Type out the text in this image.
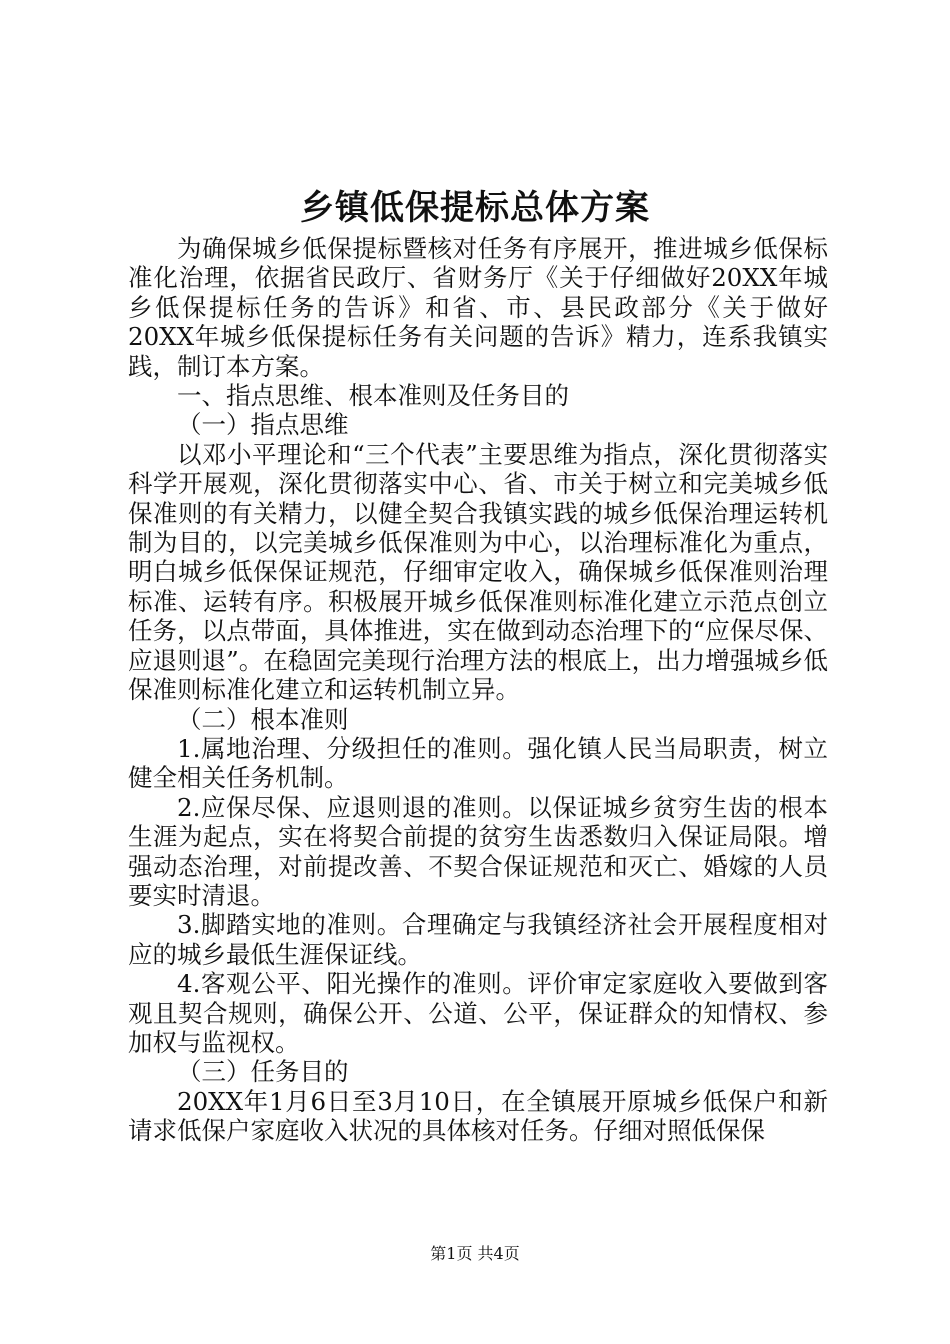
乡镇低保提标总体方案

为确保城乡低保提标暨核对任务有序展开，推进城乡低保标准化治理，依据省民政厅、省财务厅《关于仔细做好20XX年城乡低保提标任务的告诉》和省、市、县民政部分《关于做好20XX年城乡低保提标任务有关问题的告诉》精力，连系我镇实践，制订本方案。

一、指点思维、根本准则及任务目的

（一）指点思维

以邓小平理论和“三个代表”主要思维为指点，深化贯彻落实科学开展观，深化贯彻落实中心、省、市关于树立和完美城乡低保准则的有关精力，以健全契合我镇实践的城乡低保治理运转机制为目的，以完美城乡低保准则为中心，以治理标准化为重点，明白城乡低保保证规范，仔细审定收入，确保城乡低保准则治理标准、运转有序。积极展开城乡低保准则标准化建立示范点创立任务，以点带面，具体推进，实在做到动态治理下的“应保尽保、应退则退”。在稳固完美现行治理方法的根底上，出力增强城乡低保准则标准化建立和运转机制立异。

（二）根本准则

1.属地治理、分级担任的准则。强化镇人民当局职责，树立健全相关任务机制。

2.应保尽保、应退则退的准则。以保证城乡贫穷生齿的根本生涯为起点，实在将契合前提的贫穷生齿悉数归入保证局限。增强动态治理，对前提改善、不契合保证规范和灭亡、婚嫁的人员要实时清退。

3.脚踏实地的准则。合理确定与我镇经济社会开展程度相对应的城乡最低生涯保证线。

4.客观公平、阳光操作的准则。评价审定家庭收入要做到客观且契合规则，确保公开、公道、公平，保证群众的知情权、参加权与监视权。

（三）任务目的

20XX年1月6日至3月10日，在全镇展开原城乡低保户和新请求低保户家庭收入状况的具体核对任务。仔细对照低保保

第1页 共4页
